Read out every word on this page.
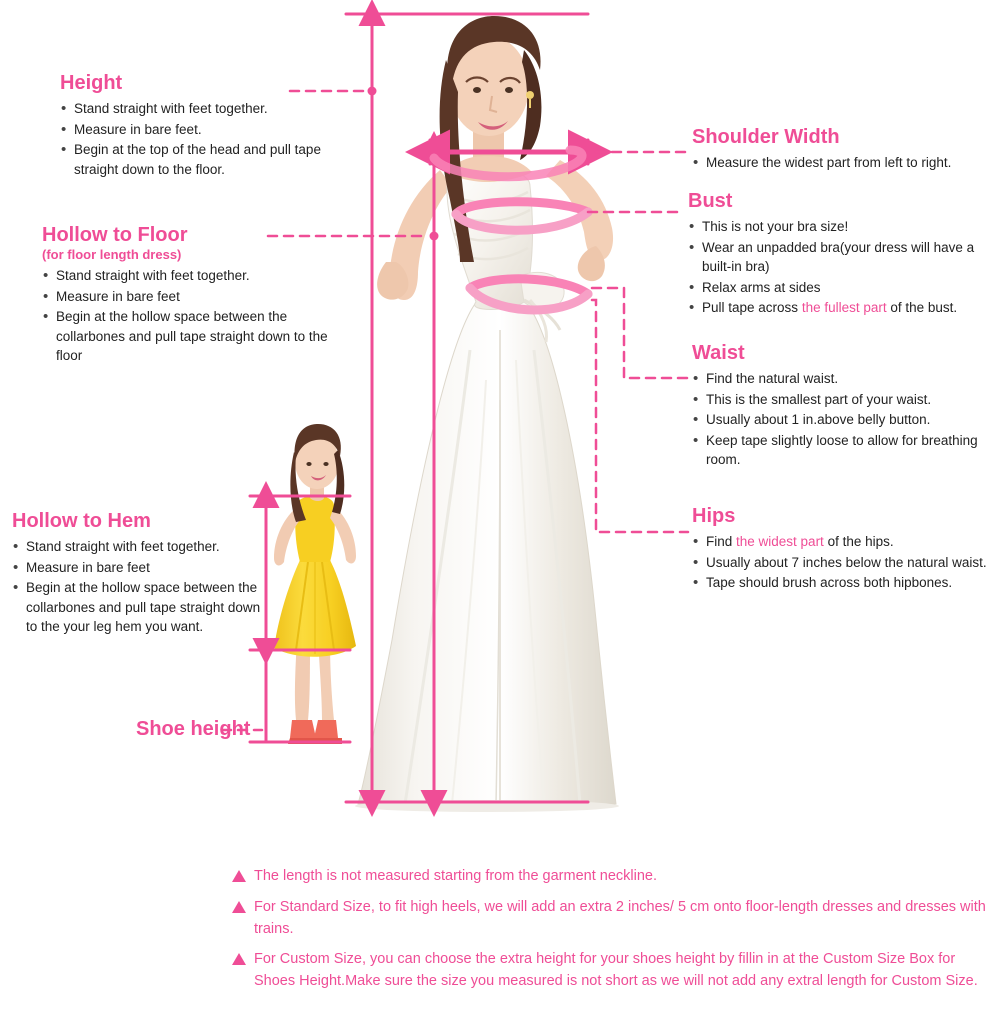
Height
• Stand straight with feet together.
• Measure in bare feet.
• Begin at the top of the head and pull tape straight down to the floor.
Hollow to Floor
(for floor length dress)
• Stand straight with feet together.
• Measure in bare feet
• Begin at the hollow space between the collarbones and pull tape straight down to the floor
Hollow to Hem
• Stand straight with feet together.
• Measure in bare feet
• Begin at the hollow space between the collarbones and pull tape straight down to the your leg hem you want.
Shoe height
Shoulder Width
• Measure the widest part from left to right.
Bust
• This is not your bra size!
• Wear an unpadded bra(your dress will have a built-in bra)
• Relax arms at sides
• Pull tape across the fullest part of the bust.
Waist
• Find the natural waist.
• This is the smallest part of your waist.
• Usually about 1 in.above belly button.
• Keep tape slightly loose to allow for breathing room.
Hips
• Find the widest part of the hips.
• Usually about 7 inches below the natural waist.
• Tape should brush across both hipbones.
The length is not measured starting from the garment neckline.
For Standard Size, to fit high heels, we will add an extra 2 inches/ 5 cm onto floor-length dresses and dresses with trains.
For Custom Size, you can choose the extra height for your shoes height by fillin in at the Custom Size Box for Shoes Height.Make sure the size you measured is not short as we will not add any extral length for Custom Size.
